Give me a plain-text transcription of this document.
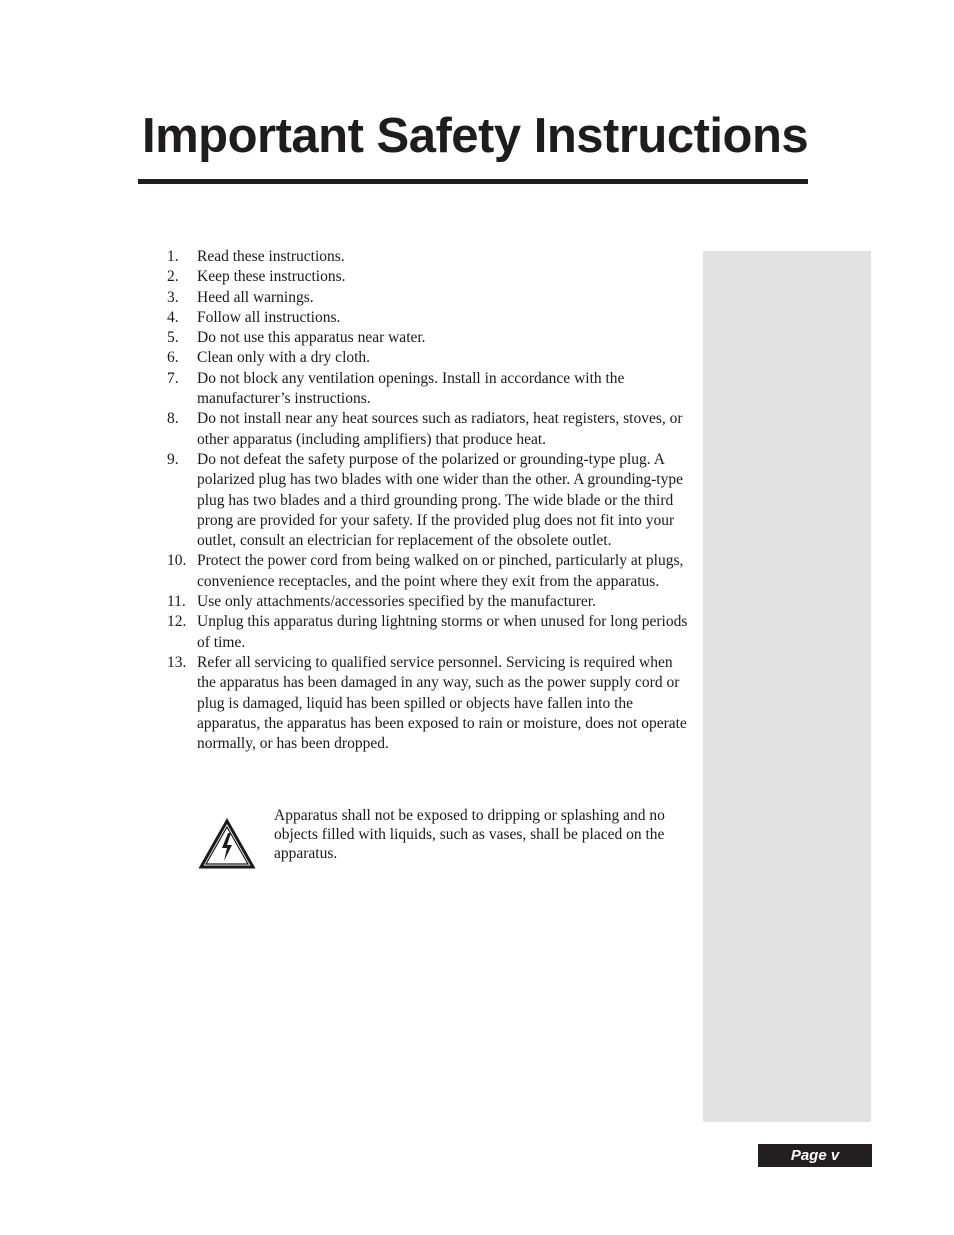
Important Safety Instructions
1. Read these instructions.
2. Keep these instructions.
3. Heed all warnings.
4. Follow all instructions.
5. Do not use this apparatus near water.
6. Clean only with a dry cloth.
7. Do not block any ventilation openings. Install in accordance with the manufacturer’s instructions.
8. Do not install near any heat sources such as radiators, heat registers, stoves, or other apparatus (including amplifiers) that produce heat.
9. Do not defeat the safety purpose of the polarized or grounding-type plug. A polarized plug has two blades with one wider than the other. A grounding-type plug has two blades and a third grounding prong. The wide blade or the third prong are provided for your safety. If the provided plug does not fit into your outlet, consult an electrician for replacement of the obsolete outlet.
10. Protect the power cord from being walked on or pinched, particularly at plugs, convenience receptacles, and the point where they exit from the apparatus.
11. Use only attachments/accessories specified by the manufacturer.
12. Unplug this apparatus during lightning storms or when unused for long periods of time.
13. Refer all servicing to qualified service personnel. Servicing is required when the apparatus has been damaged in any way, such as the power supply cord or plug is damaged, liquid has been spilled or objects have fallen into the apparatus, the apparatus has been exposed to rain or moisture, does not operate normally, or has been dropped.

Apparatus shall not be exposed to dripping or splashing and no objects filled with liquids, such as vases, shall be placed on the apparatus.

Page v
